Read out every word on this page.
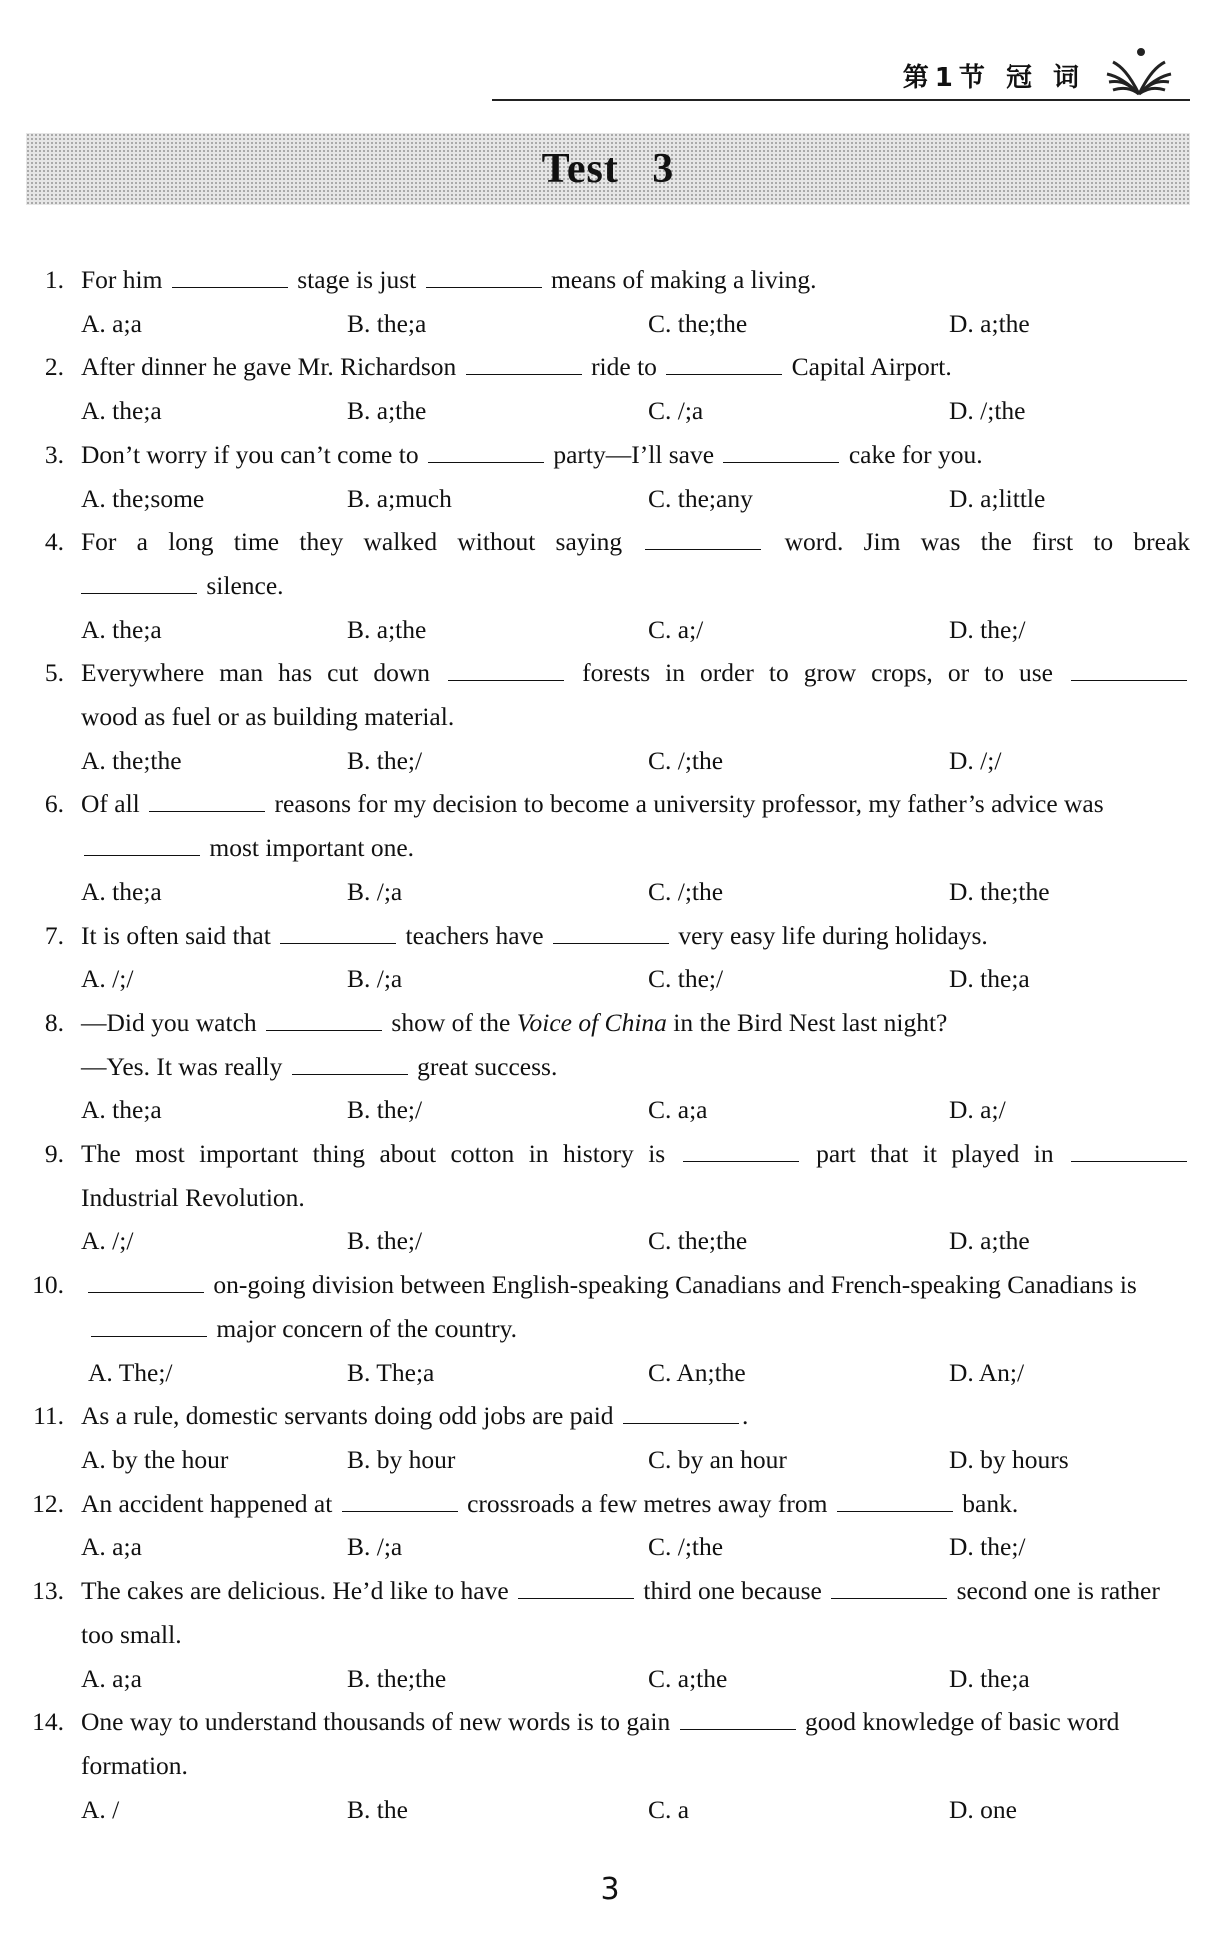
第1节 冠 词
Test 3
1. For him	stage is just	means of making a living.
A. a;a	B. the;a	C. the;the	D. a;the
2. After dinner he gave Mr. Richardson	ride to	Capital Airport.
A. the;a	B. a;the	C. /;a	D. /;the
3. Don’t worry if you can’t come to	party—I’ll save	cake for you.
A. the;some	B. a;much	C. the;any	D. a;little
4. For a long time they walked without saying	word. Jim was the first to break
silence.
A. the;a	B. a;the	C. a;/	D. the;/
5. Everywhere man has cut down	forests in order to grow crops, or to use
wood as fuel or as building material.
A. the;the	B. the;/	C. /;the	D. /;/
6. Of all	reasons for my decision to become a university professor, my father’s advice was  most important one.
A. the;a	B. /;a	C. /;the	D. the;the
7. It is often said that	teachers have	very easy life during holidays.
A. /;/	B. /;a	C. the;/	D. the;a
8. —Did you watch	show of the Voice of China in the Bird Nest last night?
—Yes. It was really	great success.
A. the;a	B. the;/	C. a;a	D. a;/
9. The most important thing about cotton in history is	part that it played in
Industrial Revolution.
A. /;/	B. the;/	C. the;the	D. a;the
10.	on-going division between English-speaking Canadians and French-speaking Canadians is  major concern of the country.
A. The;/	B. The;a	C. An;the	D. An;/
11. As a rule, domestic servants doing odd jobs are paid	.
A. by the hour	B. by hour	C. by an hour	D. by hours
12. An accident happened at	crossroads a few metres away from	bank.
A. a;a	B. /;a	C. /;the	D. the;/
13. The cakes are delicious. He’d like to have	third one because	second one is rather too small.
A. a;a	B. the;the	C. a;the	D. the;a
14. One way to understand thousands of new words is to gain	good knowledge of basic word formation.
A. /	B. the	C. a	D. one
3
